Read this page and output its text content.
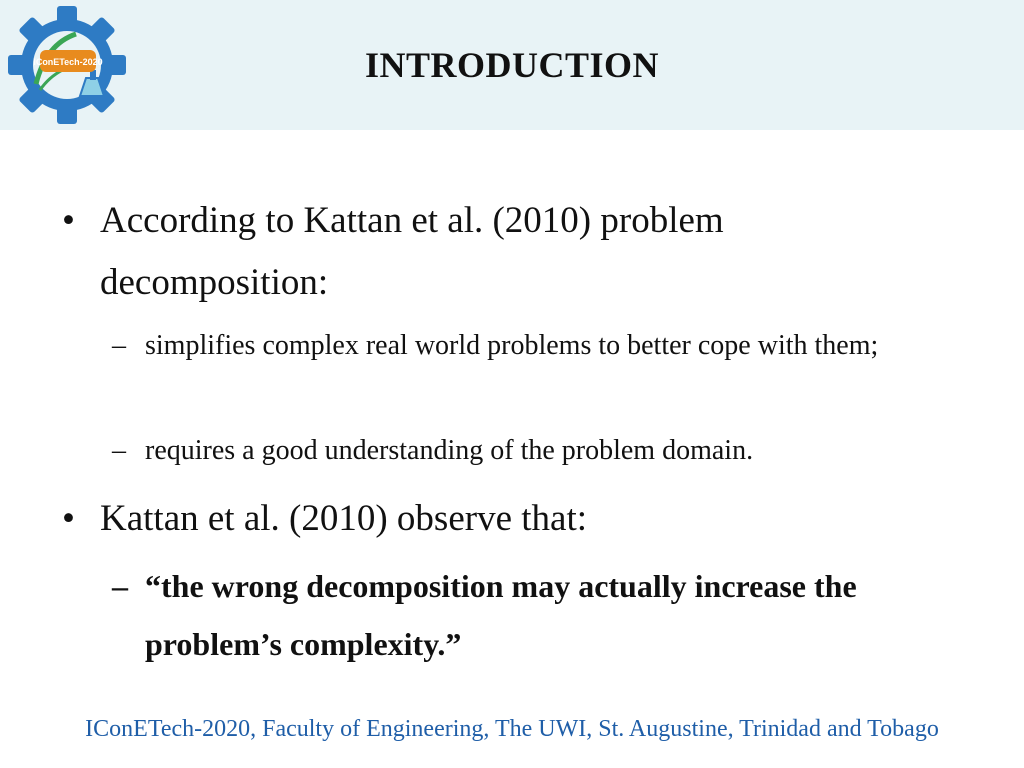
IConETech-2020	INTRODUCTION
• According to Kattan et al. (2010) problem decomposition:
– simplifies complex real world problems to better cope with them;
– requires a good understanding of the problem domain.
• Kattan et al. (2010) observe that:
– “the wrong decomposition may actually increase the problem’s complexity.”
IConETech-2020, Faculty of Engineering, The UWI, St. Augustine, Trinidad and Tobago
